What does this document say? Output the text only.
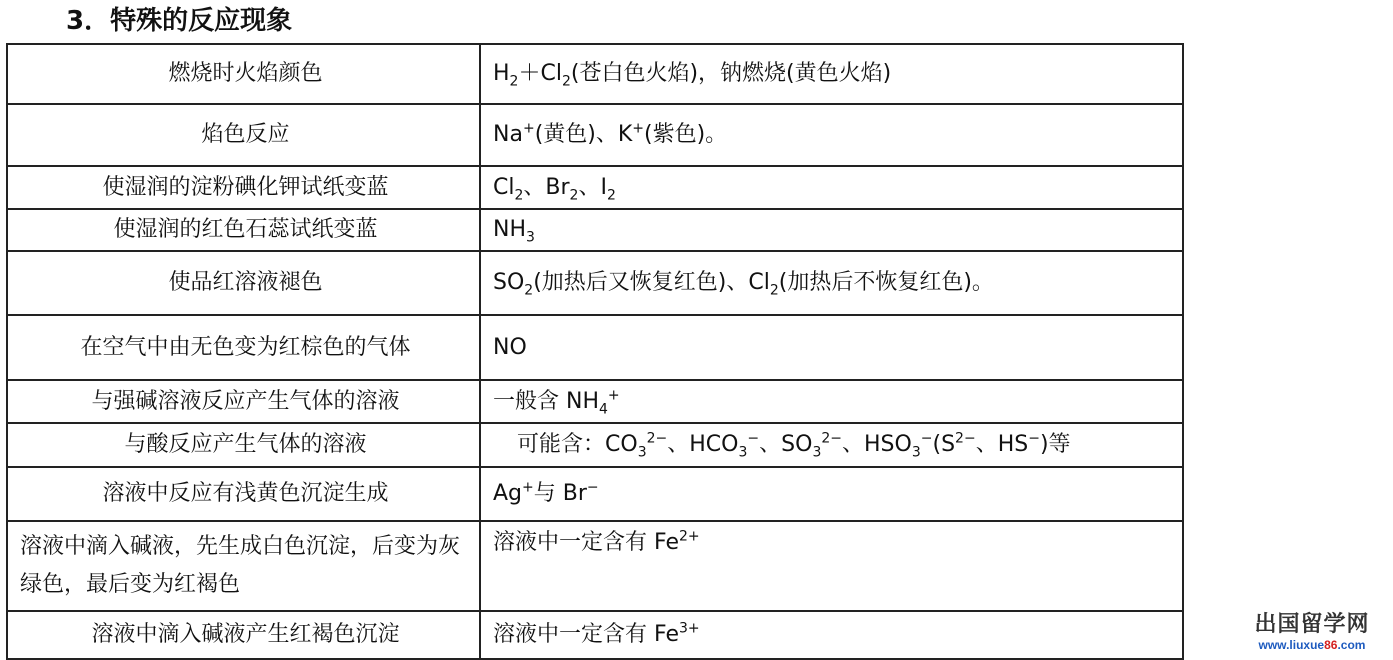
3．特殊的反应现象
燃烧时火焰颜色	$H_2+Cl_2$(苍白色火焰)，钠燃烧(黄色火焰)
焰色反应	Na+(黄色)、K+(紫色)。
使湿润的淀粉碘化钾试纸变蓝	$Cl_2$、$Br_2$、$I_2$
使湿润的红色石蕊试纸变蓝	$NH_3$
使品红溶液褪色	$SO_2$(加热后又恢复红色)、$Cl_2$(加热后不恢复红色)。
在空气中由无色变为红棕色的气体	NO
与强碱溶液反应产生气体的溶液	一般含 $NH_4^+$
与酸反应产生气体的溶液	可能含：$CO_3^{2-}$、$HCO_3^-$、$SO_3^{2-}$、$HSO_3^-(S^{2-}$、HS−)等
溶液中反应有浅黄色沉淀生成	Ag+与 Br−
溶液中滴入碱液，先生成白色沉淀，后变为灰绿色，最后变为红褐色	溶液中一定含有 $Fe^{2+}$
溶液中滴入碱液产生红褐色沉淀	溶液中一定含有 $Fe^{3+}$	出国留学网
www.liuxue86.com
